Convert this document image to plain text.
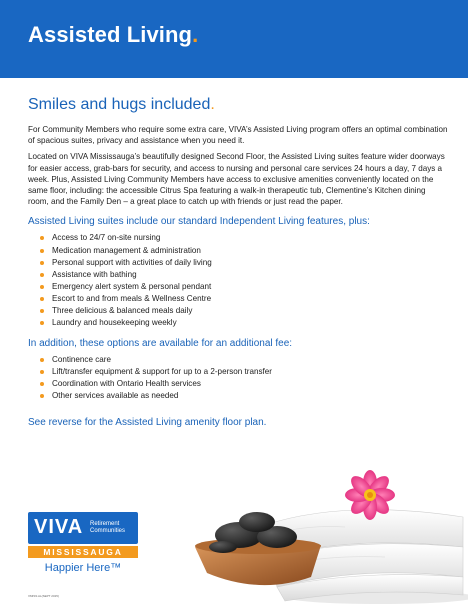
Assisted Living.
Smiles and hugs included.

For Community Members who require some extra care, VIVA’s Assisted Living program offers an optimal combination of spacious suites, privacy and assistance when you need it.

Located on VIVA Mississauga’s beautifully designed Second Floor, the Assisted Living suites feature wider doorways for easier access, grab-bars for security, and access to nursing and personal care services 24 hours a day, 7 days a week. Plus, Assisted Living Community Members have access to exclusive amenities conveniently located on the same floor, including: the accessible Citrus Spa featuring a walk-in therapeutic tub, Clementine’s Kitchen dining room, and the Family Den – a great place to catch up with friends or just read the paper.

Assisted Living suites include our standard Independent Living features, plus:
Access to 24/7 on-site nursing
Medication management & administration
Personal support with activities of daily living
Assistance with bathing
Emergency alert system & personal pendant
Escort to and from meals & Wellness Centre
Three delicious & balanced meals daily
Laundry and housekeeping weekly
In addition, these options are available for an additional fee:
Continence care
Lift/transfer equipment & support for up to a 2-person transfer
Coordination with Ontario Health services
Other services available as needed
See reverse for the Assisted Living amenity floor plan.
VIVA Retirement
Communities
MISSISSAUGA
Happier Here™
VMISS AL(SEPT 2015)
